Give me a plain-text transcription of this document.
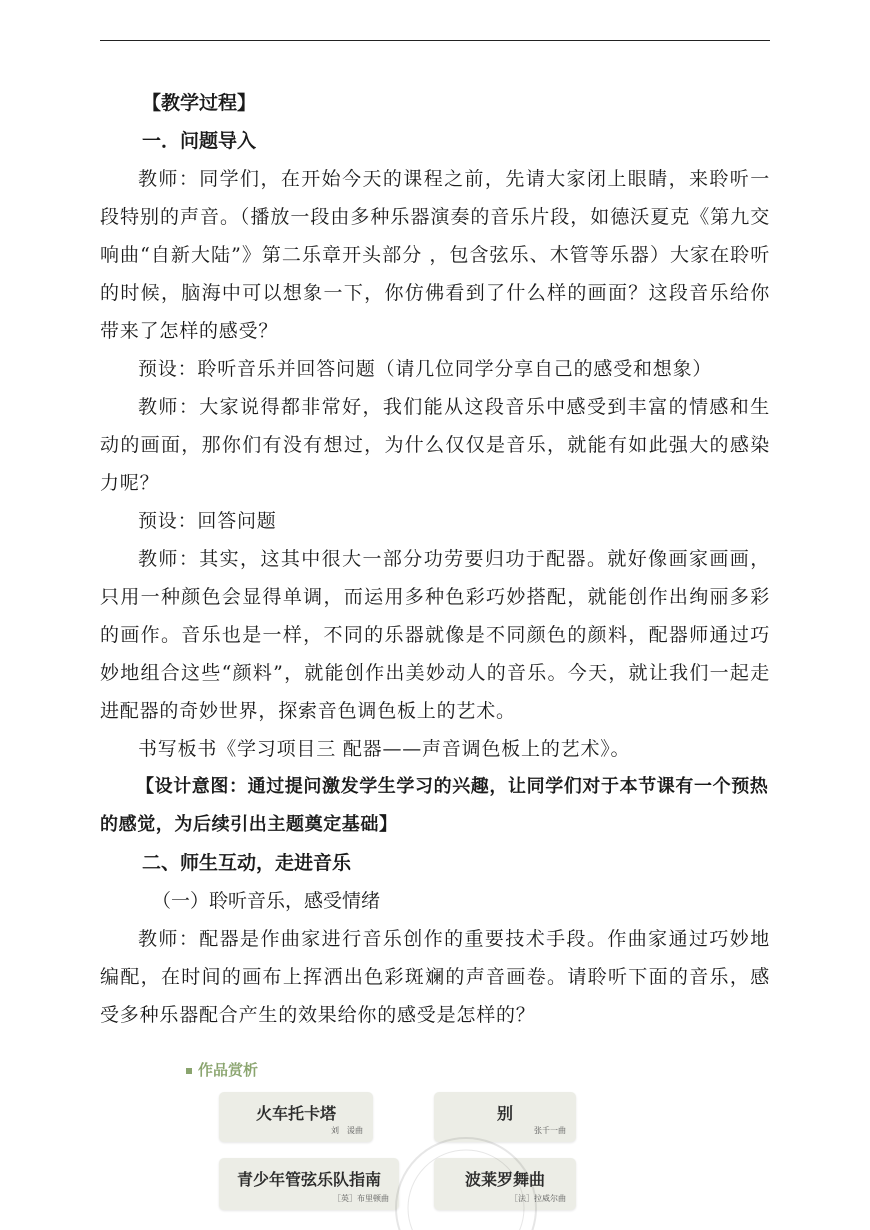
【教学过程】
一．问题导入
教师：同学们，在开始今天的课程之前，先请大家闭上眼睛，来聆听一段特别的声音。（播放一段由多种乐器演奏的音乐片段，如德沃夏克《第九交响曲“自新大陆”》第二乐章开头部分 ，包含弦乐、木管等乐器）大家在聆听的时候，脑海中可以想象一下，你仿佛看到了什么样的画面？这段音乐给你带来了怎样的感受？
预设：聆听音乐并回答问题（请几位同学分享自己的感受和想象）
教师：大家说得都非常好，我们能从这段音乐中感受到丰富的情感和生动的画面，那你们有没有想过，为什么仅仅是音乐，就能有如此强大的感染力呢？
预设：回答问题
教师：其实，这其中很大一部分功劳要归功于配器。就好像画家画画，只用一种颜色会显得单调，而运用多种色彩巧妙搭配，就能创作出绚丽多彩的画作。音乐也是一样，不同的乐器就像是不同颜色的颜料，配器师通过巧妙地组合这些“颜料”，就能创作出美妙动人的音乐。今天，就让我们一起走进配器的奇妙世界，探索音色调色板上的艺术。
书写板书《学习项目三 配器——声音调色板上的艺术》。
【设计意图：通过提问激发学生学习的兴趣，让同学们对于本节课有一个预热的感觉，为后续引出主题奠定基础】
二、师生互动，走进音乐
（一）聆听音乐，感受情绪
教师：配器是作曲家进行音乐创作的重要技术手段。作曲家通过巧妙地编配，在时间的画布上挥洒出色彩斑斓的声音画卷。请聆听下面的音乐，感受多种乐器配合产生的效果给你的感受是怎样的？
作品赏析
火车托卡塔
刘　湲曲
别
张千一曲
青少年管弦乐队指南
［英］布里顿曲
波莱罗舞曲
［法］拉威尔曲
